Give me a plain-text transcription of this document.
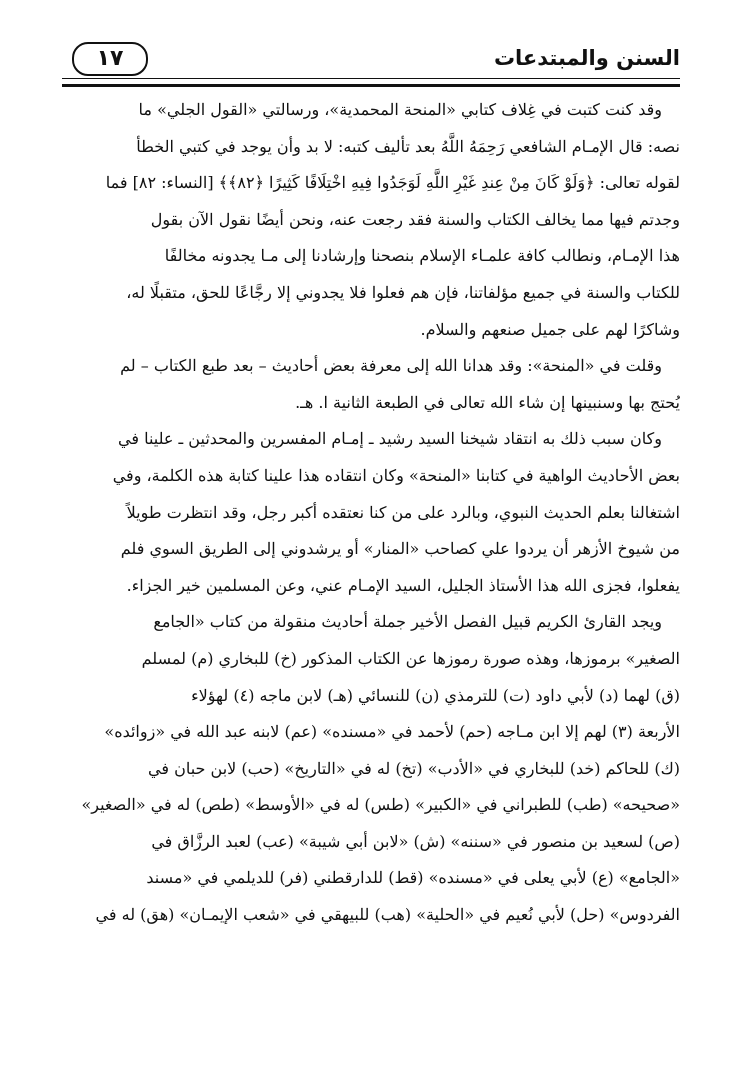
السنن والمبتدعات
١٧
وقد كنت كتبت في غِلاف كتابي «المنحة المحمدية»، ورسالتي «القول الجلي» ما
نصه: قال الإمـام الشافعي رَحِمَهُ اللَّهُ بعد تأليف كتبه: لا بد وأن يوجد في كتبي الخطأ
لقوله تعالى: ﴿وَلَوْ كَانَ مِنْ عِندِ غَيْرِ اللَّهِ لَوَجَدُوا فِيهِ اخْتِلَافًا كَثِيرًا ﴿٨٢﴾﴾ [النساء: ٨٢] فما
وجدتم فيها مما يخالف الكتاب والسنة فقد رجعت عنه، ونحن أيضًا نقول الآن بقول
هذا الإمـام، ونطالب كافة علمـاء الإسلام بنصحنا وإرشادنا إلى مـا يجدونه مخالفًا
للكتاب والسنة في جميع مؤلفاتنا، فإن هم فعلوا فلا يجدوني إلا رجَّاعًا للحق، متقبلًا له،
وشاكرًا لهم على جميل صنعهم والسلام.
وقلت في «المنحة»: وقد هدانا الله إلى معرفة بعض أحاديث – بعد طبع الكتاب – لم
يُحتج بها وسنبينها إن شاء الله تعالى في الطبعة الثانية ا. هـ.
وكان سبب ذلك به انتقاد شيخنا السيد رشيد ـ إمـام المفسرين والمحدثين ـ علينا في
بعض الأحاديث الواهية في كتابنا «المنحة» وكان انتقاده هذا علينا كتابة هذه الكلمة، وفي
اشتغالنا بعلم الحديث النبوي، وبالرد على من كنا نعتقده أكبر رجل، وقد انتظرت طويلاً
من شيوخ الأزهر أن يردوا علي كصاحب «المنار» أو يرشدوني إلى الطريق السوي فلم
يفعلوا، فجزى الله هذا الأستاذ الجليل، السيد الإمـام عني، وعن المسلمين خير الجزاء.
ويجد القارئ الكريم قبيل الفصل الأخير جملة أحاديث منقولة من كتاب «الجامع
الصغير» برموزها، وهذه صورة رموزها عن الكتاب المذكور (خ) للبخاري (م) لمسلم
(ق) لهما (د) لأبي داود (ت) للترمذي (ن) للنسائي (هـ) لابن ماجه (٤) لهؤلاء
الأربعة (٣) لهم إلا ابن مـاجه (حم) لأحمد في «مسنده» (عم) لابنه عبد الله في «زوائده»
(ك) للحاكم (خد) للبخاري في «الأدب» (تخ) له في «التاريخ» (حب) لابن حبان في
«صحيحه» (طب) للطبراني في «الكبير» (طس) له في «الأوسط» (طص) له في «الصغير»
(ص) لسعيد بن منصور في «سننه» (ش) «لابن أبي شيبة» (عب) لعبد الرزَّاق في
«الجامع» (ع) لأبي يعلى في «مسنده» (قط) للدارقطني (فر) للديلمي في «مسند
الفردوس» (حل) لأبي نُعيم في «الحلية» (هب) للبيهقي في «شعب الإيمـان» (هق) له في
